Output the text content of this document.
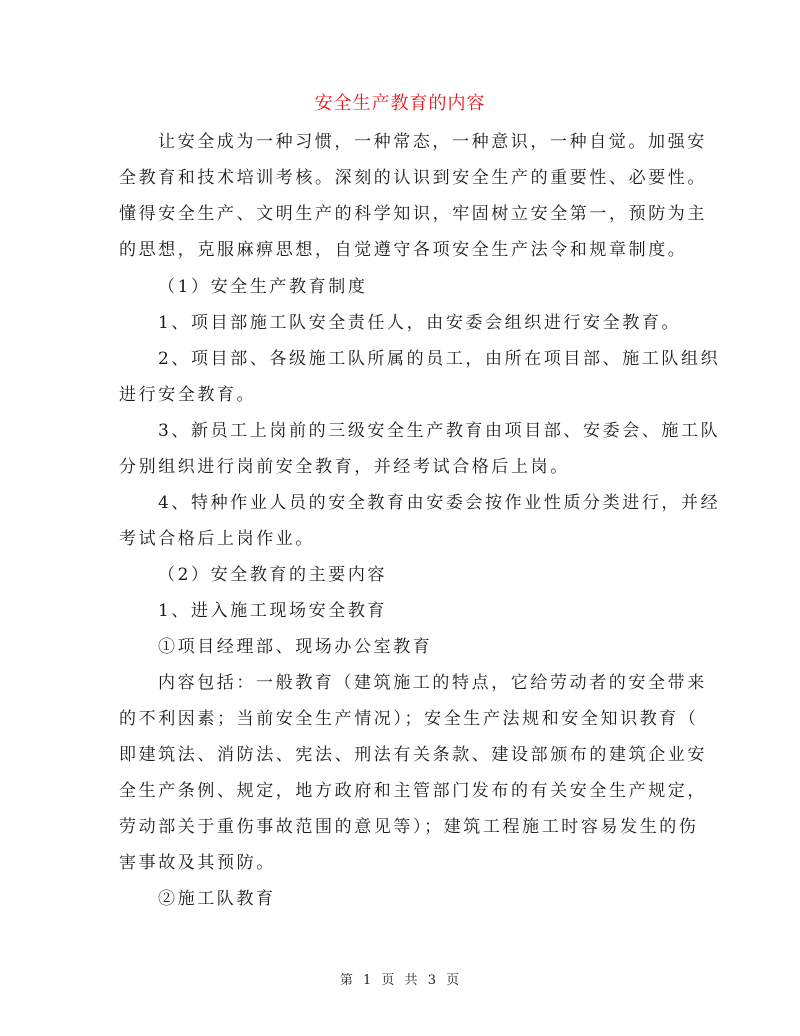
安全生产教育的内容
让安全成为一种习惯，一种常态，一种意识，一种自觉。加强安
全教育和技术培训考核。深刻的认识到安全生产的重要性、必要性。
懂得安全生产、文明生产的科学知识，牢固树立安全第一，预防为主
的思想，克服麻痹思想，自觉遵守各项安全生产法令和规章制度。
（1）安全生产教育制度
1、项目部施工队安全责任人，由安委会组织进行安全教育。
2、项目部、各级施工队所属的员工，由所在项目部、施工队组织
进行安全教育。
3、新员工上岗前的三级安全生产教育由项目部、安委会、施工队
分别组织进行岗前安全教育，并经考试合格后上岗。
4、特种作业人员的安全教育由安委会按作业性质分类进行，并经
考试合格后上岗作业。
（2）安全教育的主要内容
1、进入施工现场安全教育
①项目经理部、现场办公室教育
内容包括：一般教育（建筑施工的特点，它给劳动者的安全带来
的不利因素；当前安全生产情况）；安全生产法规和安全知识教育（
即建筑法、消防法、宪法、刑法有关条款、建设部颁布的建筑企业安
全生产条例、规定，地方政府和主管部门发布的有关安全生产规定，
劳动部关于重伤事故范围的意见等）；建筑工程施工时容易发生的伤
害事故及其预防。
②施工队教育
第 1 页 共 3 页
